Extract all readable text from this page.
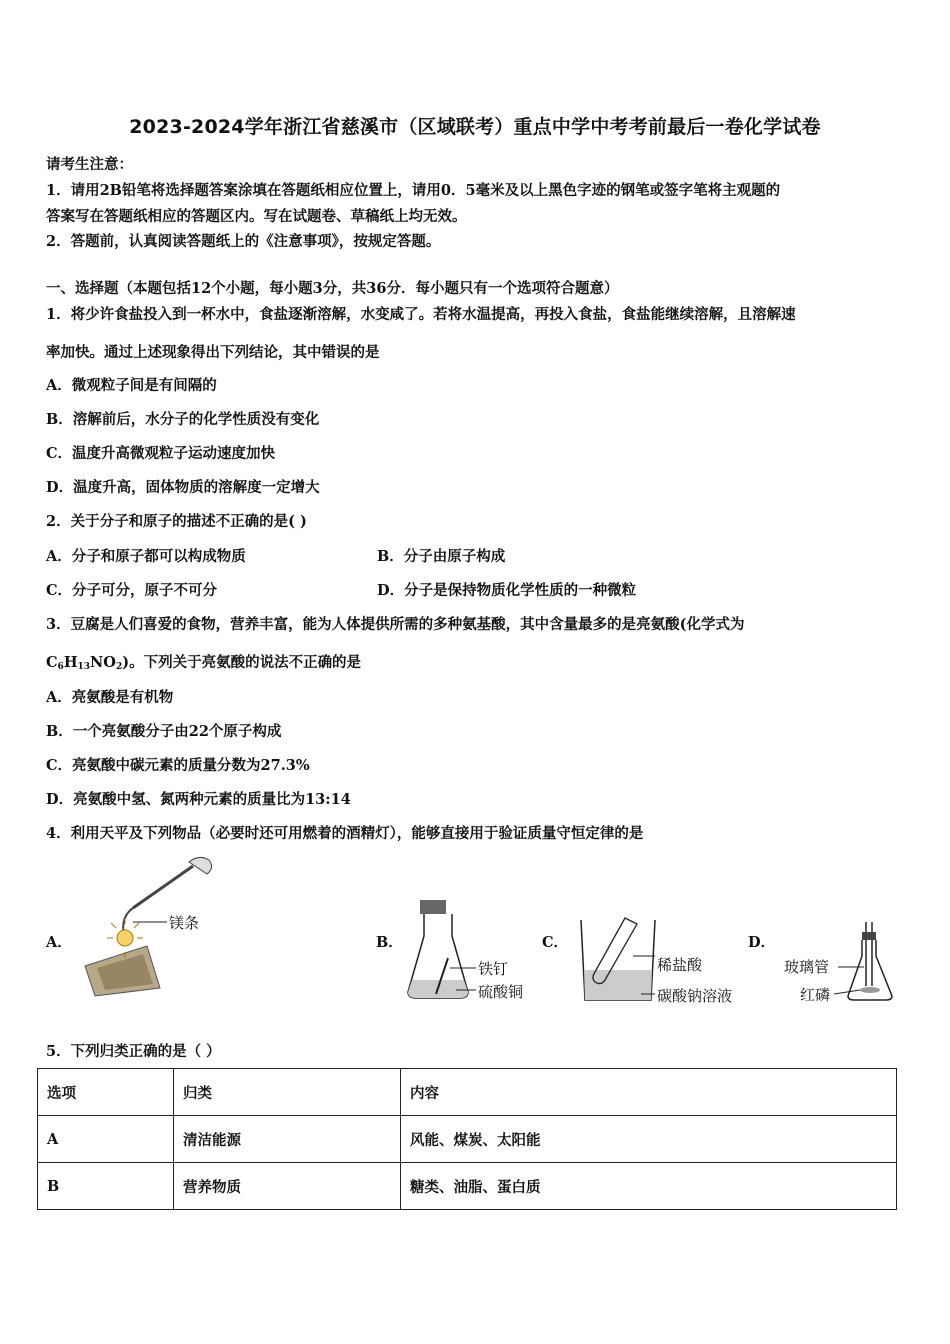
2023-2024学年浙江省慈溪市（区域联考）重点中学中考考前最后一卷化学试卷
请考生注意：
1．请用2B铅笔将选择题答案涂填在答题纸相应位置上，请用0．5毫米及以上黑色字迹的钢笔或签字笔将主观题的
答案写在答题纸相应的答题区内。写在试题卷、草稿纸上均无效。
2．答题前，认真阅读答题纸上的《注意事项》，按规定答题。
一、选择题（本题包括12个小题，每小题3分，共36分．每小题只有一个选项符合题意）
1．将少许食盐投入到一杯水中，食盐逐渐溶解，水变咸了。若将水温提高，再投入食盐，食盐能继续溶解，且溶解速
率加快。通过上述现象得出下列结论，其中错误的是
A．微观粒子间是有间隔的
B．溶解前后，水分子的化学性质没有变化
C．温度升高微观粒子运动速度加快
D．温度升高，固体物质的溶解度一定增大
2．关于分子和原子的描述不正确的是( )
A．分子和原子都可以构成物质	B．分子由原子构成
C．分子可分，原子不可分	D．分子是保持物质化学性质的一种微粒
3．豆腐是人们喜爱的食物，营养丰富，能为人体提供所需的多种氨基酸，其中含量最多的是亮氨酸(化学式为
$C_6H_{13}NO_2$)。下列关于亮氨酸的说法不正确的是
A．亮氨酸是有机物
B．一个亮氨酸分子由22个原子构成
C．亮氨酸中碳元素的质量分数为27.3%
D．亮氨酸中氢、氮两种元素的质量比为13:14
4．利用天平及下列物品（必要时还可用燃着的酒精灯），能够直接用于验证质量守恒定律的是
A．	B．	C．	D．
镁条
铁钉
硫酸铜
稀盐酸
碳酸钠溶液
玻璃管
红磷
5．下列归类正确的是（ ）
选项	归类	内容
A	清洁能源	风能、煤炭、太阳能
B	营养物质	糖类、油脂、蛋白质
